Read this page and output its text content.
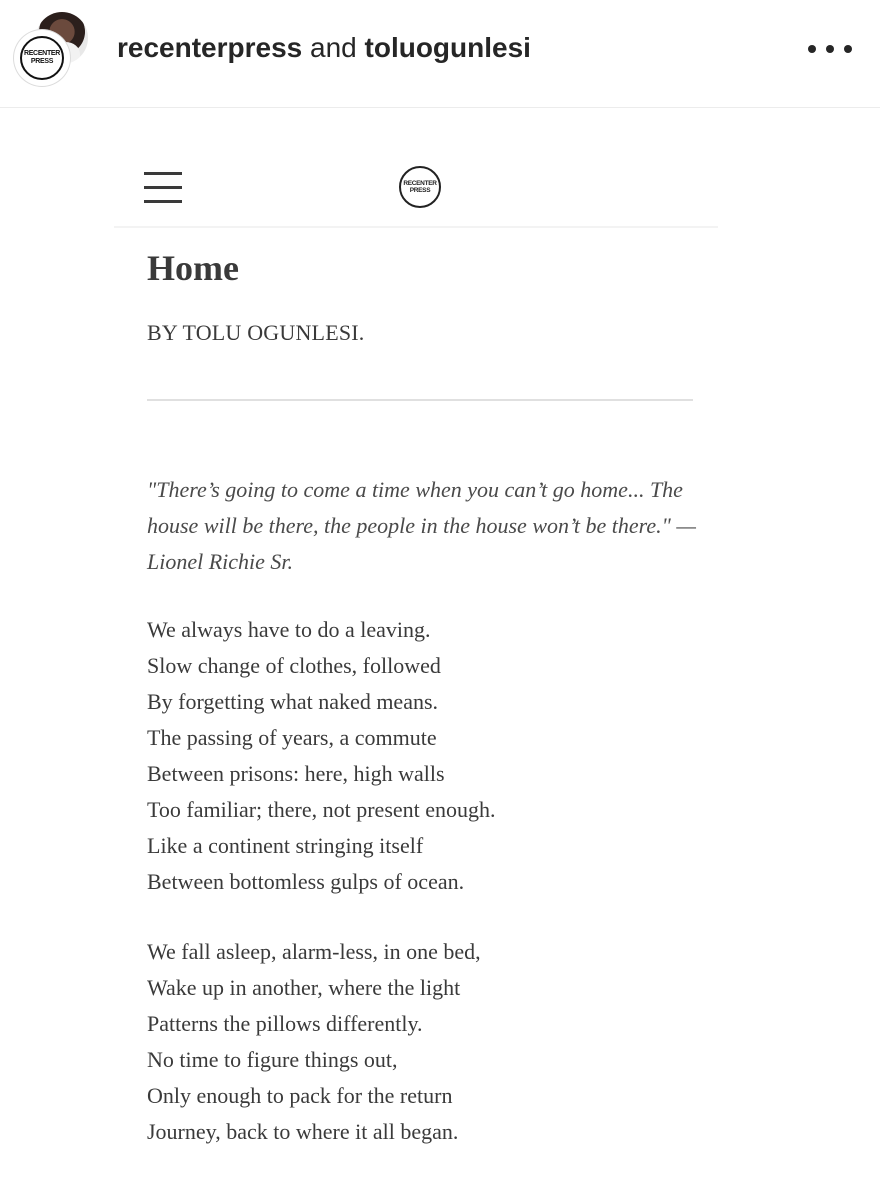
RECENTER
PRESS recenterpress and toluogunlesi
RECENTER
PRESS
Home
BY TOLU OGUNLESI.
"There’s going to come a time when you can’t go home... The
house will be there, the people in the house won’t be there." —
Lionel Richie Sr.
We always have to do a leaving.
Slow change of clothes, followed
By forgetting what naked means.
The passing of years, a commute
Between prisons: here, high walls
Too familiar; there, not present enough.
Like a continent stringing itself
Between bottomless gulps of ocean.
We fall asleep, alarm-less, in one bed,
Wake up in another, where the light
Patterns the pillows differently.
No time to figure things out,
Only enough to pack for the return
Journey, back to where it all began.
